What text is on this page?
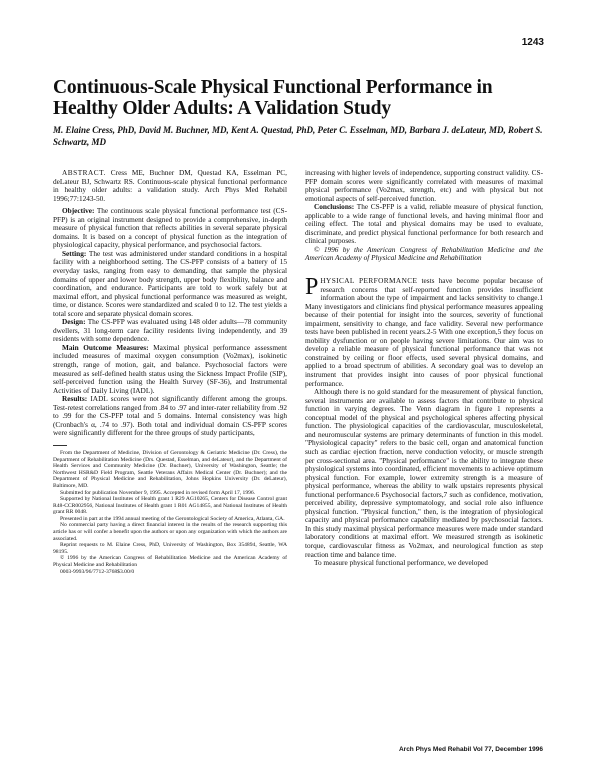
1243
Continuous-Scale Physical Functional Performance in Healthy Older Adults: A Validation Study
M. Elaine Cress, PhD, David M. Buchner, MD, Kent A. Questad, PhD, Peter C. Esselman, MD, Barbara J. deLateur, MD, Robert S. Schwartz, MD

ABSTRACT. Cress ME, Buchner DM, Questad KA, Esselman PC, deLateur BJ, Schwartz RS. Continuous-scale physical functional performance in healthy older adults: a validation study. Arch Phys Med Rehabil 1996;77:1243-50.

Objective: The continuous scale physical functional performance test (CS-PFP) is an original instrument designed to provide a comprehensive, in-depth measure of physical function that reflects abilities in several separate physical domains. It is based on a concept of physical function as the integration of physiological capacity, physical performance, and psychosocial factors.

Setting: The test was administered under standard conditions in a hospital facility with a neighborhood setting. The CS-PFP consists of a battery of 15 everyday tasks, ranging from easy to demanding, that sample the physical domains of upper and lower body strength, upper body flexibility, balance and coordination, and endurance. Participants are told to work safely but at maximal effort, and physical functional performance was measured as weight, time, or distance. Scores were standardized and scaled 0 to 12. The test yields a total score and separate physical domain scores.

Design: The CS-PFP was evaluated using 148 older adults—78 community dwellers, 31 long-term care facility residents living independently, and 39 residents with some dependence.

Main Outcome Measures: Maximal physical performance assessment included measures of maximal oxygen consumption (Vo2max), isokinetic strength, range of motion, gait, and balance. Psychosocial factors were measured as self-defined health status using the Sickness Impact Profile (SIP), self-perceived function using the Health Survey (SF-36), and Instrumental Activities of Daily Living (IADL).

Results: IADL scores were not significantly different among the groups. Test-retest correlations ranged from .84 to .97 and inter-rater reliability from .92 to .99 for the CS-PFP total and 5 domains. Internal consistency was high (Cronbach's α, .74 to .97). Both total and individual domain CS-PFP scores were significantly different for the three groups of study participants,

From the Department of Medicine, Division of Gerontology & Geriatric Medicine (Dr. Cress), the Department of Rehabilitation Medicine (Drs. Questad, Esselman, and deLateur), and the Department of Health Services and Community Medicine (Dr. Buchner), University of Washington, Seattle; the Northwest HSR&D Field Program, Seattle Veterans Affairs Medical Center (Dr. Buchner); and the Department of Physical Medicine and Rehabilitation, Johns Hopkins University (Dr. deLateur), Baltimore, MD.

Submitted for publication November 9, 1995. Accepted in revised form April 17, 1996.

Supported by National Institutes of Health grant 1 R29 AG10265, Centers for Disease Control grant R48-CCR002956, National Institutes of Health grant 1 R01 AG14855, and National Institutes of Health grant RR 0048.

Presented in part at the 1994 annual meeting of the Gerontological Society of America, Atlanta, GA.

No commercial party having a direct financial interest in the results of the research supporting this article has or will confer a benefit upon the authors or upon any organization with which the authors are associated.

Reprint requests to M. Elaine Cress, PhD, University of Washington, Box 354894, Seattle, WA 98195.

© 1996 by the American Congress of Rehabilitation Medicine and the American Academy of Physical Medicine and Rehabilitation

0003-9993/96/7712-3768$3.00/0

increasing with higher levels of independence, supporting construct validity. CS-PFP domain scores were significantly correlated with measures of maximal physical performance (Vo2max, strength, etc) and with physical but not emotional aspects of self-perceived function.

Conclusions: The CS-PFP is a valid, reliable measure of physical function, applicable to a wide range of functional levels, and having minimal floor and ceiling effect. The total and physical domains may be used to evaluate, discriminate, and predict physical functional performance for both research and clinical purposes.

© 1996 by the American Congress of Rehabilitation Medicine and the American Academy of Physical Medicine and Rehabilitation

PHYSICAL PERFORMANCE tests have become popular because of research concerns that self-reported function provides insufficient information about the type of impairment and lacks sensitivity to change.1 Many investigators and clinicians find physical performance measures appealing because of their potential for insight into the sources, severity of functional impairment, sensitivity to change, and face validity. Several new performance tests have been published in recent years.2-5 With one exception,5 they focus on mobility dysfunction or on people having severe limitations. Our aim was to develop a reliable measure of physical functional performance that was not constrained by ceiling or floor effects, used several physical domains, and applied to a broad spectrum of abilities. A secondary goal was to develop an instrument that provides insight into causes of poor physical functional performance.

Although there is no gold standard for the measurement of physical function, several instruments are available to assess factors that contribute to physical function in varying degrees. The Venn diagram in figure 1 represents a conceptual model of the physical and psychological spheres affecting physical function. The physiological capacities of the cardiovascular, musculoskeletal, and neuromuscular systems are primary determinants of function in this model. "Physiological capacity" refers to the basic cell, organ and anatomical function such as cardiac ejection fraction, nerve conduction velocity, or muscle strength per cross-sectional area. "Physical performance" is the ability to integrate these physiological systems into coordinated, efficient movements to achieve optimum physical function. For example, lower extremity strength is a measure of physical performance, whereas the ability to walk upstairs represents physical functional performance.6 Psychosocial factors,7 such as confidence, motivation, perceived ability, depressive symptomatology, and social role also influence physical function. "Physical function," then, is the integration of physiological capacity and physical performance capability mediated by psychosocial factors. In this study maximal physical performance measures were made under standard laboratory conditions at maximal effort. We measured strength as isokinetic torque, cardiovascular fitness as Vo2max, and neurological function as step reaction time and balance time.

To measure physical functional performance, we developed

Arch Phys Med Rehabil Vol 77, December 1996
